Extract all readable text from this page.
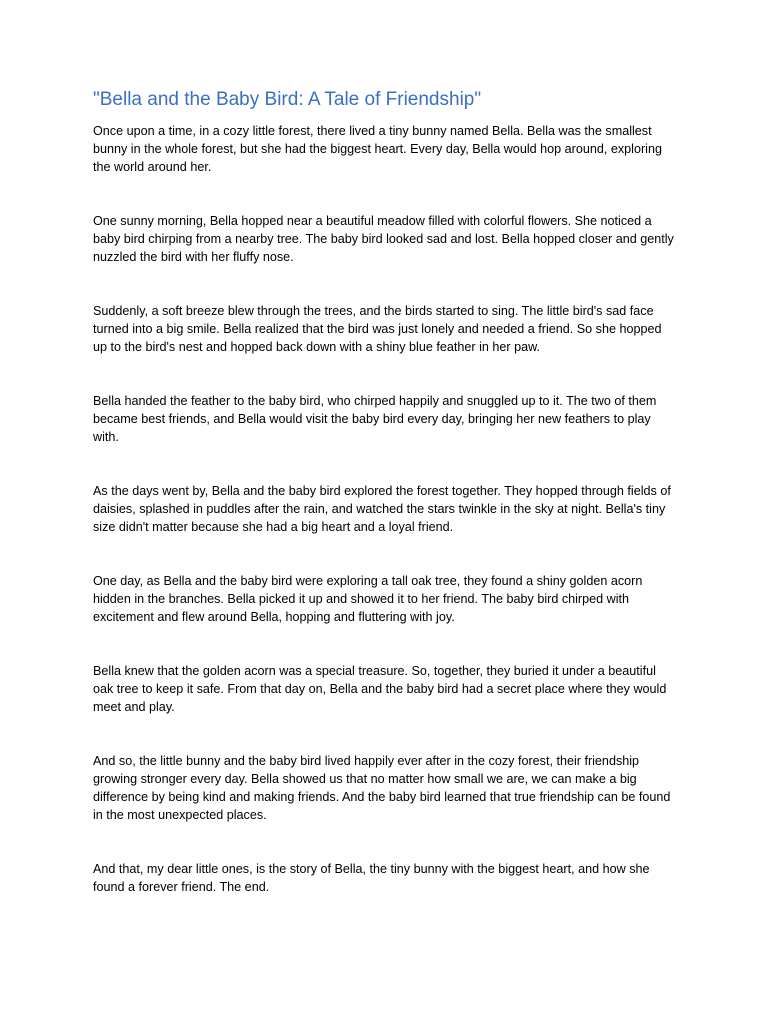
"Bella and the Baby Bird: A Tale of Friendship"

Once upon a time, in a cozy little forest, there lived a tiny bunny named Bella. Bella was the smallest bunny in the whole forest, but she had the biggest heart. Every day, Bella would hop around, exploring the world around her.

One sunny morning, Bella hopped near a beautiful meadow filled with colorful flowers. She noticed a baby bird chirping from a nearby tree. The baby bird looked sad and lost. Bella hopped closer and gently nuzzled the bird with her fluffy nose.

Suddenly, a soft breeze blew through the trees, and the birds started to sing. The little bird's sad face turned into a big smile. Bella realized that the bird was just lonely and needed a friend. So she hopped up to the bird's nest and hopped back down with a shiny blue feather in her paw.

Bella handed the feather to the baby bird, who chirped happily and snuggled up to it. The two of them became best friends, and Bella would visit the baby bird every day, bringing her new feathers to play with.

As the days went by, Bella and the baby bird explored the forest together. They hopped through fields of daisies, splashed in puddles after the rain, and watched the stars twinkle in the sky at night. Bella's tiny size didn't matter because she had a big heart and a loyal friend.

One day, as Bella and the baby bird were exploring a tall oak tree, they found a shiny golden acorn hidden in the branches. Bella picked it up and showed it to her friend. The baby bird chirped with excitement and flew around Bella, hopping and fluttering with joy.

Bella knew that the golden acorn was a special treasure. So, together, they buried it under a beautiful oak tree to keep it safe. From that day on, Bella and the baby bird had a secret place where they would meet and play.

And so, the little bunny and the baby bird lived happily ever after in the cozy forest, their friendship growing stronger every day. Bella showed us that no matter how small we are, we can make a big difference by being kind and making friends. And the baby bird learned that true friendship can be found in the most unexpected places.

And that, my dear little ones, is the story of Bella, the tiny bunny with the biggest heart, and how she found a forever friend. The end.
